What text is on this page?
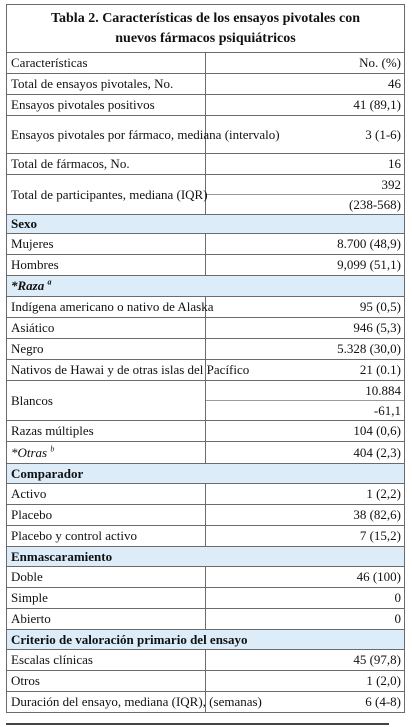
Tabla 2. Características de los ensayos pivotales con
nuevos fármacos psiquiátricos	

Características	No. (%)
Total de ensayos pivotales, No.	46
Ensayos pivotales positivos	41 (89,1)
Ensayos pivotales por fármaco, mediana (intervalo)	3 (1-6)
Total de fármacos, No.	16
Total de participantes, mediana (IQR)	392
(238-568)

Sexo	
Mujeres	8.700 (48,9)
Hombres	9,099 (51,1)
*Raza $^a$
Indígena americano o nativo de Alaska	95 (0,5)
Asiático	946 (5,3)
Negro	5.328 (30,0)
Nativos de Hawai y de otras islas del Pacífico	21 (0.1)
Blancos	10.884
-61,1

Razas múltiples	104 (0,6)
*Otras $^b$	404 (2,3)
Comparador	
Activo	1 (2,2)
Placebo	38 (82,6)
Placebo y control activo	7 (15,2)
Enmascaramiento	
Doble	46 (100)
Simple	0
Abierto	0
Criterio de valoración primario del ensayo	
Escalas clínicas	45 (97,8)
Otros	1 (2,0)
Duración del ensayo, mediana (IQR), (semanas)	6 (4-8)
